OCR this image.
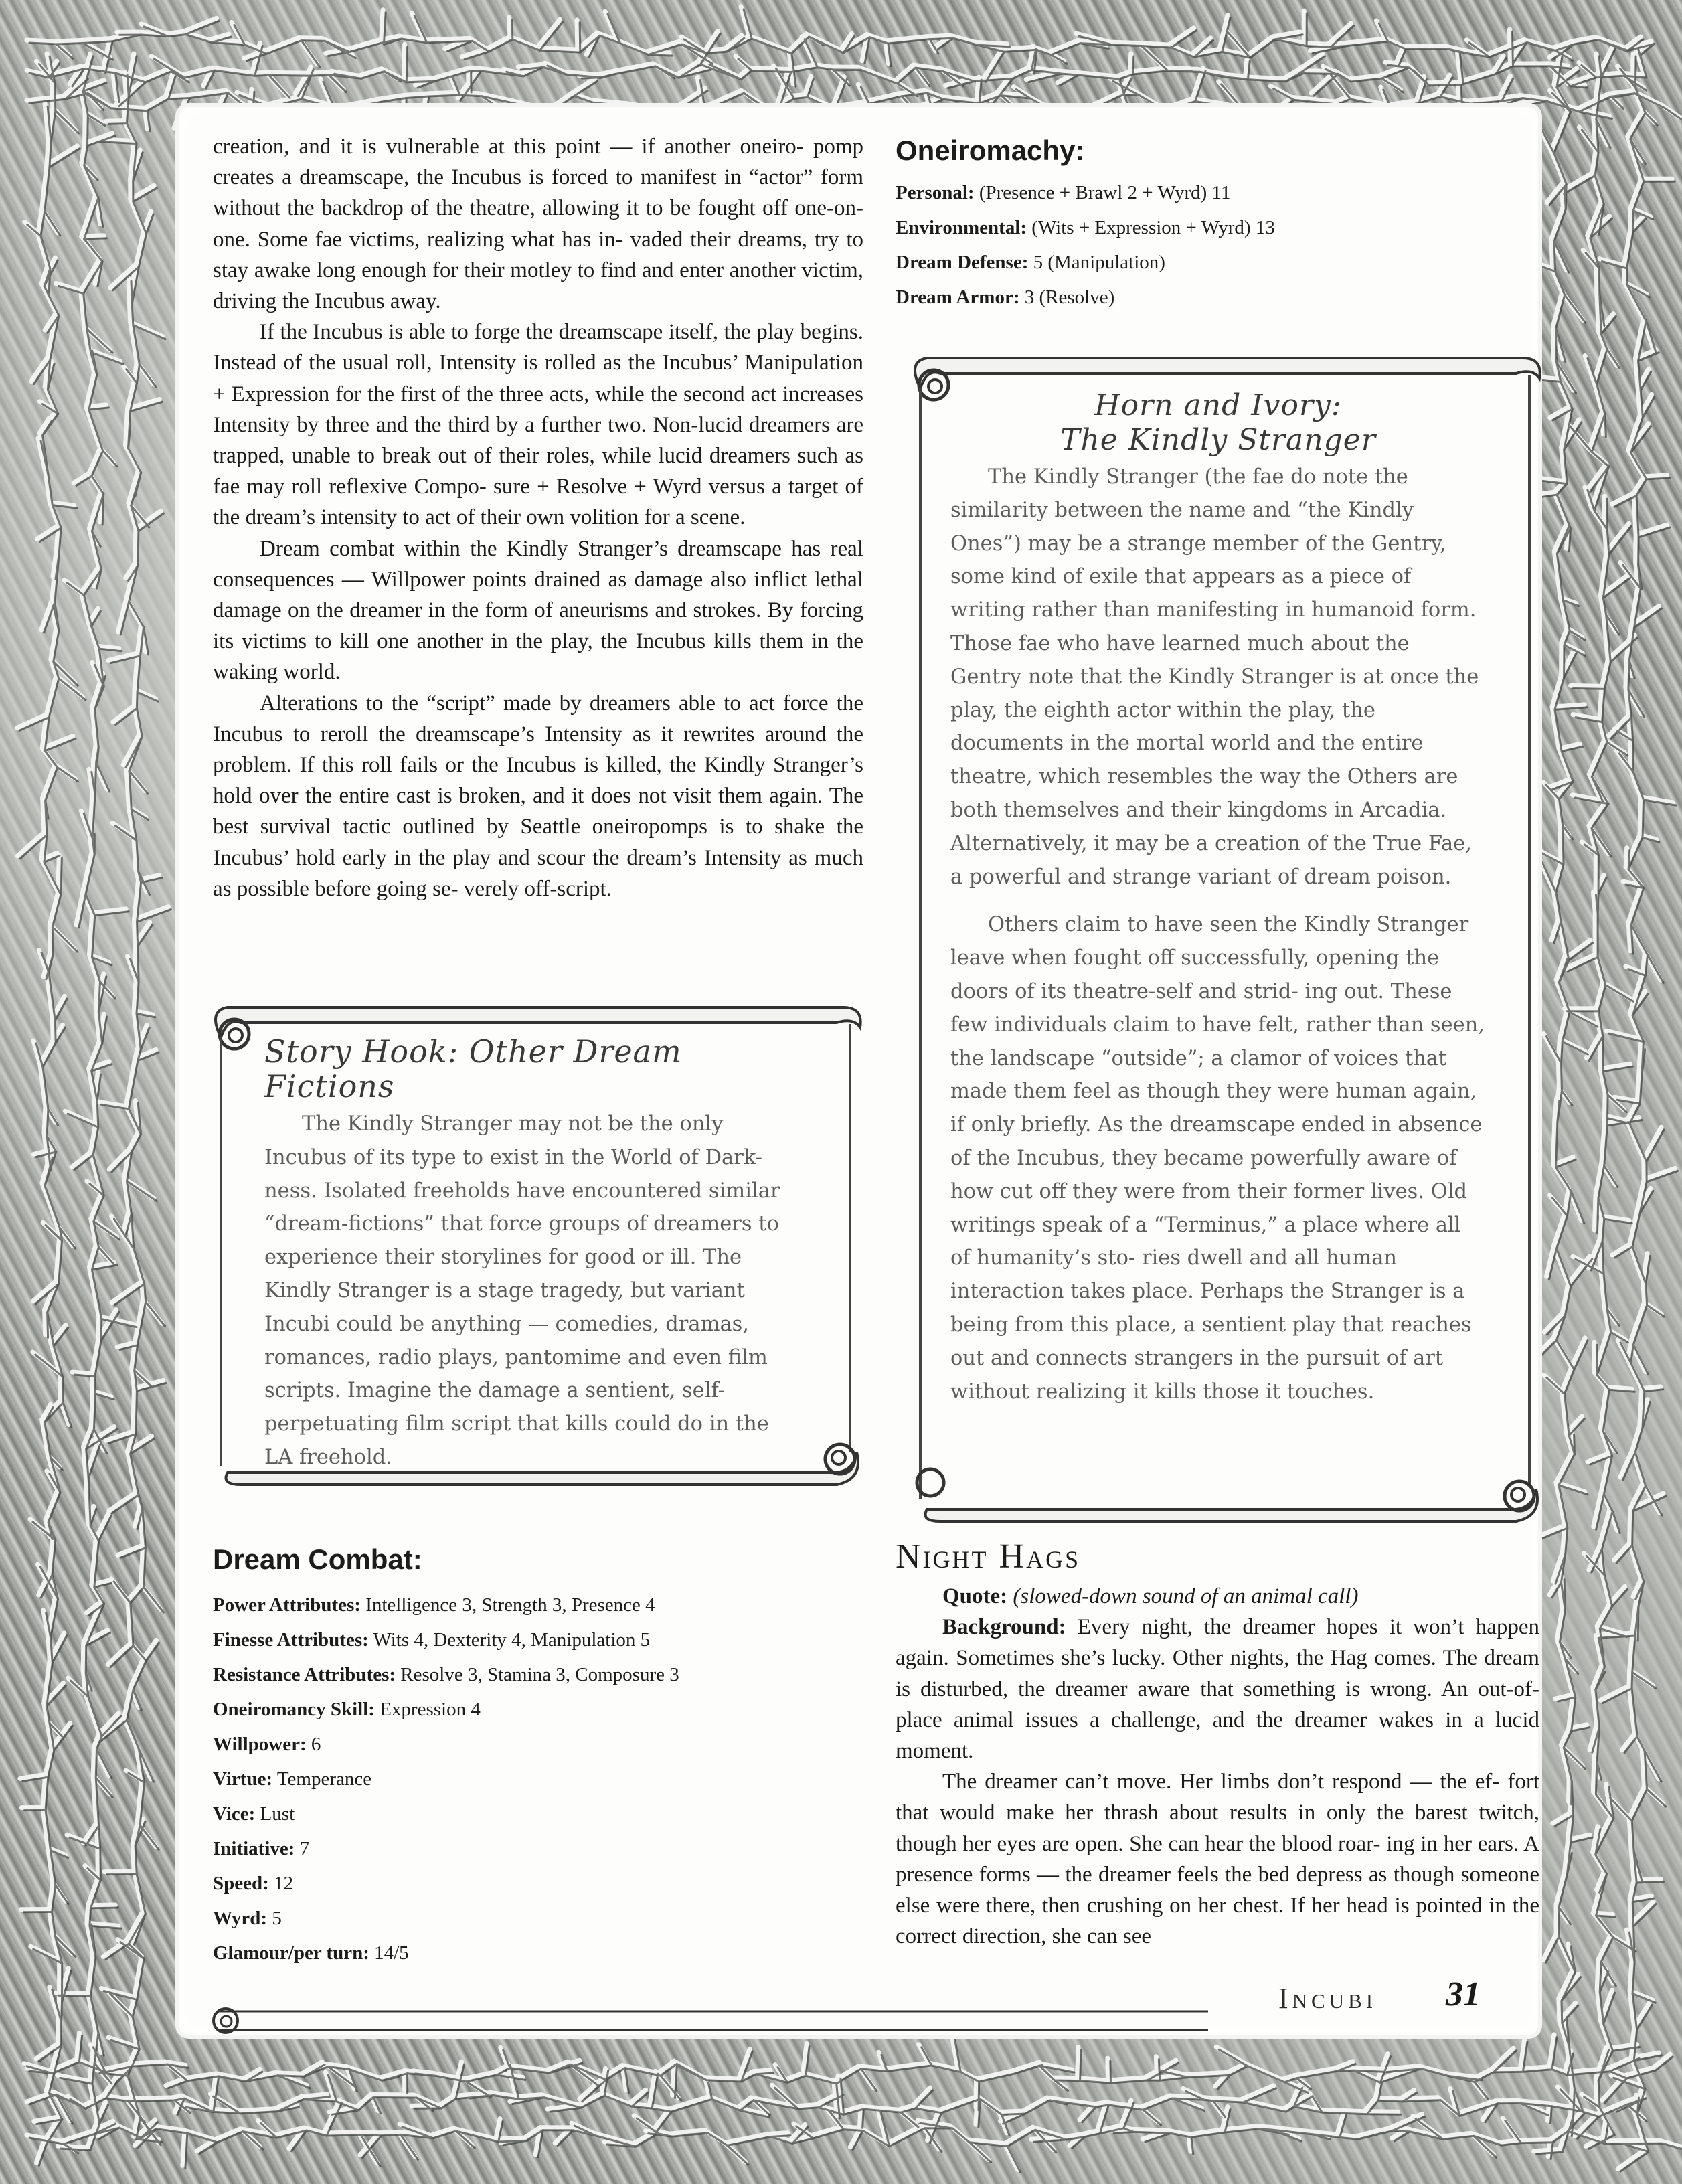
creation, and it is vulnerable at this point — if another oneiro- pomp creates a dreamscape, the Incubus is forced to manifest in “actor” form without the backdrop of the theatre, allowing it to be fought off one-on-one. Some fae victims, realizing what has in- vaded their dreams, try to stay awake long enough for their motley to find and enter another victim, driving the Incubus away.

If the Incubus is able to forge the dreamscape itself, the play begins. Instead of the usual roll, Intensity is rolled as the Incubus’ Manipulation + Expression for the first of the three acts, while the second act increases Intensity by three and the third by a further two. Non-lucid dreamers are trapped, unable to break out of their roles, while lucid dreamers such as fae may roll reflexive Compo- sure + Resolve + Wyrd versus a target of the dream’s intensity to act of their own volition for a scene.

Dream combat within the Kindly Stranger’s dreamscape has real consequences — Willpower points drained as damage also inflict lethal damage on the dreamer in the form of aneurisms and strokes. By forcing its victims to kill one another in the play, the Incubus kills them in the waking world.

Alterations to the “script” made by dreamers able to act force the Incubus to reroll the dreamscape’s Intensity as it rewrites around the problem. If this roll fails or the Incubus is killed, the Kindly Stranger’s hold over the entire cast is broken, and it does not visit them again. The best survival tactic outlined by Seattle oneiropomps is to shake the Incubus’ hold early in the play and scour the dream’s Intensity as much as possible before going se- verely off-script.

Story Hook: Other Dream Fictions

The Kindly Stranger may not be the only Incubus of its type to exist in the World of Dark- ness. Isolated freeholds have encountered similar “dream-fictions” that force groups of dreamers to experience their storylines for good or ill. The Kindly Stranger is a stage tragedy, but variant Incubi could be anything — comedies, dramas, romances, radio plays, pantomime and even film scripts. Imagine the damage a sentient, self- perpetuating film script that kills could do in the LA freehold.

Oneiromachy:
Personal: (Presence + Brawl 2 + Wyrd) 11
Environmental: (Wits + Expression + Wyrd) 13
Dream Defense: 5 (Manipulation)
Dream Armor: 3 (Resolve)
Horn and Ivory:
The Kindly Stranger

The Kindly Stranger (the fae do note the similarity between the name and “the Kindly Ones”) may be a strange member of the Gentry, some kind of exile that appears as a piece of writing rather than manifesting in humanoid form. Those fae who have learned much about the Gentry note that the Kindly Stranger is at once the play, the eighth actor within the play, the documents in the mortal world and the entire theatre, which resembles the way the Others are both themselves and their kingdoms in Arcadia. Alternatively, it may be a creation of the True Fae, a powerful and strange variant of dream poison.

Others claim to have seen the Kindly Stranger leave when fought off successfully, opening the doors of its theatre-self and strid- ing out. These few individuals claim to have felt, rather than seen, the landscape “outside”; a clamor of voices that made them feel as though they were human again, if only briefly. As the dreamscape ended in absence of the Incubus, they became powerfully aware of how cut off they were from their former lives. Old writings speak of a “Terminus,” a place where all of humanity’s sto- ries dwell and all human interaction takes place. Perhaps the Stranger is a being from this place, a sentient play that reaches out and connects strangers in the pursuit of art without realizing it kills those it touches.

Dream Combat:
Power Attributes: Intelligence 3, Strength 3, Presence 4
Finesse Attributes: Wits 4, Dexterity 4, Manipulation 5
Resistance Attributes: Resolve 3, Stamina 3, Composure 3
Oneiromancy Skill: Expression 4
Willpower: 6
Virtue: Temperance
Vice: Lust
Initiative: 7
Speed: 12
Wyrd: 5
Glamour/per turn: 14/5
Night Hags

Quote: (slowed-down sound of an animal call)

Background: Every night, the dreamer hopes it won’t happen again. Sometimes she’s lucky. Other nights, the Hag comes. The dream is disturbed, the dreamer aware that something is wrong. An out-of-place animal issues a challenge, and the dreamer wakes in a lucid moment.

The dreamer can’t move. Her limbs don’t respond — the ef- fort that would make her thrash about results in only the barest twitch, though her eyes are open. She can hear the blood roar- ing in her ears. A presence forms — the dreamer feels the bed depress as though someone else were there, then crushing on her chest. If her head is pointed in the correct direction, she can see

Incubi 31
